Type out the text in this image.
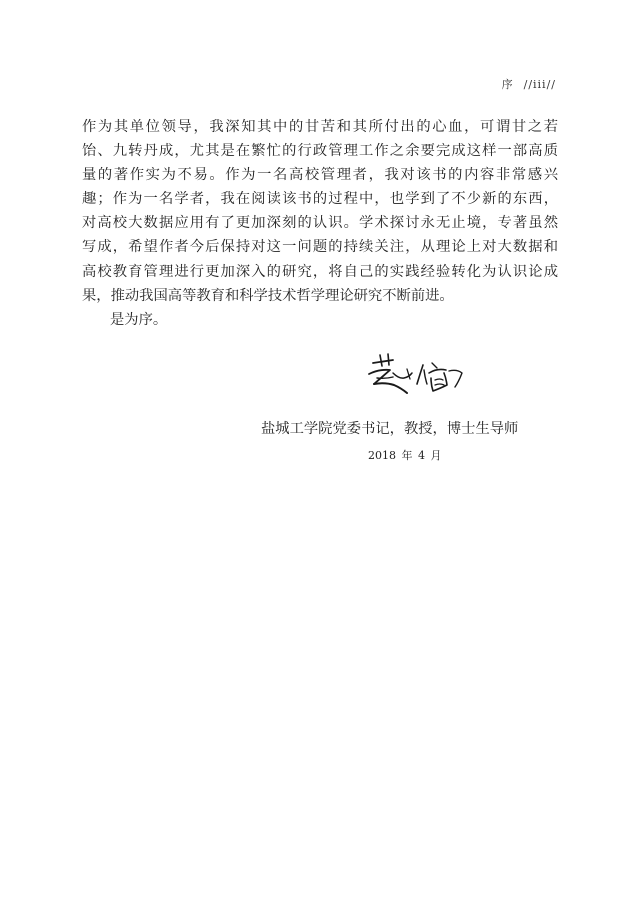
序 //iii//
作为其单位领导，我深知其中的甘苦和其所付出的心血，可谓甘之若
饴、九转丹成，尤其是在繁忙的行政管理工作之余要完成这样一部高质
量的著作实为不易。作为一名高校管理者，我对该书的内容非常感兴
趣；作为一名学者，我在阅读该书的过程中，也学到了不少新的东西，
对高校大数据应用有了更加深刻的认识。学术探讨永无止境，专著虽然
写成，希望作者今后保持对这一问题的持续关注，从理论上对大数据和
高校教育管理进行更加深入的研究，将自己的实践经验转化为认识论成
果，推动我国高等教育和科学技术哲学理论研究不断前进。
是为序。
盐城工学院党委书记，教授，博士生导师
2018 年 4 月
